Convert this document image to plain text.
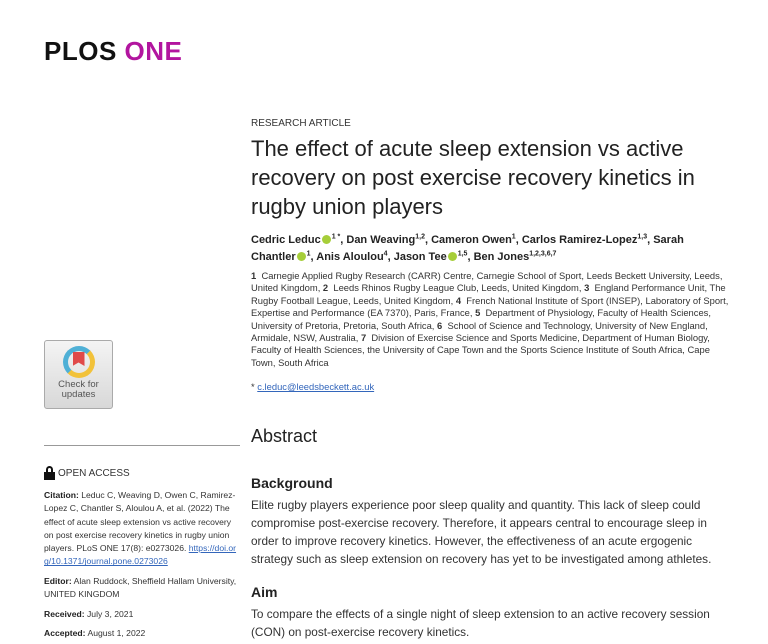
PLOS ONE
RESEARCH ARTICLE
The effect of acute sleep extension vs active recovery on post exercise recovery kinetics in rugby union players
Cedric Leduc $^{1 *}$, Dan Weaving$^{1,2}$, Cameron Owen$^1$, Carlos Ramirez-Lopez$^{1,3}$, Sarah Chantler $^1$, Anis Aloulou$^4$, Jason Tee $^{1,5}$, Ben Jones$^{1,2,3,6,7}$
1 Carnegie Applied Rugby Research (CARR) Centre, Carnegie School of Sport, Leeds Beckett University, Leeds, United Kingdom, 2 Leeds Rhinos Rugby League Club, Leeds, United Kingdom, 3 England Performance Unit, The Rugby Football League, Leeds, United Kingdom, 4 French National Institute of Sport (INSEP), Laboratory of Sport, Expertise and Performance (EA 7370), Paris, France, 5 Department of Physiology, Faculty of Health Sciences, University of Pretoria, Pretoria, South Africa, 6 School of Science and Technology, University of New England, Armidale, NSW, Australia, 7 Division of Exercise Science and Sports Medicine, Department of Human Biology, Faculty of Health Sciences, the University of Cape Town and the Sports Science Institute of South Africa, Cape Town, South Africa
* c.leduc@leedsbeckett.ac.uk
Abstract
Background
Elite rugby players experience poor sleep quality and quantity. This lack of sleep could compromise post-exercise recovery. Therefore, it appears central to encourage sleep in order to improve recovery kinetics. However, the effectiveness of an acute ergogenic strategy such as sleep extension on recovery has yet to be investigated among athletes.
Aim
To compare the effects of a single night of sleep extension to an active recovery session (CON) on post-exercise recovery kinetics.
Check for
updates
OPEN ACCESS
Citation: Leduc C, Weaving D, Owen C, Ramirez-Lopez C, Chantler S, Aloulou A, et al. (2022) The effect of acute sleep extension vs active recovery on post exercise recovery kinetics in rugby union players. PLoS ONE 17(8): e0273026. https://doi.org/10.1371/journal.pone.0273026
Editor: Alan Ruddock, Sheffield Hallam University, UNITED KINGDOM
Received: July 3, 2021
Accepted: August 1, 2022
